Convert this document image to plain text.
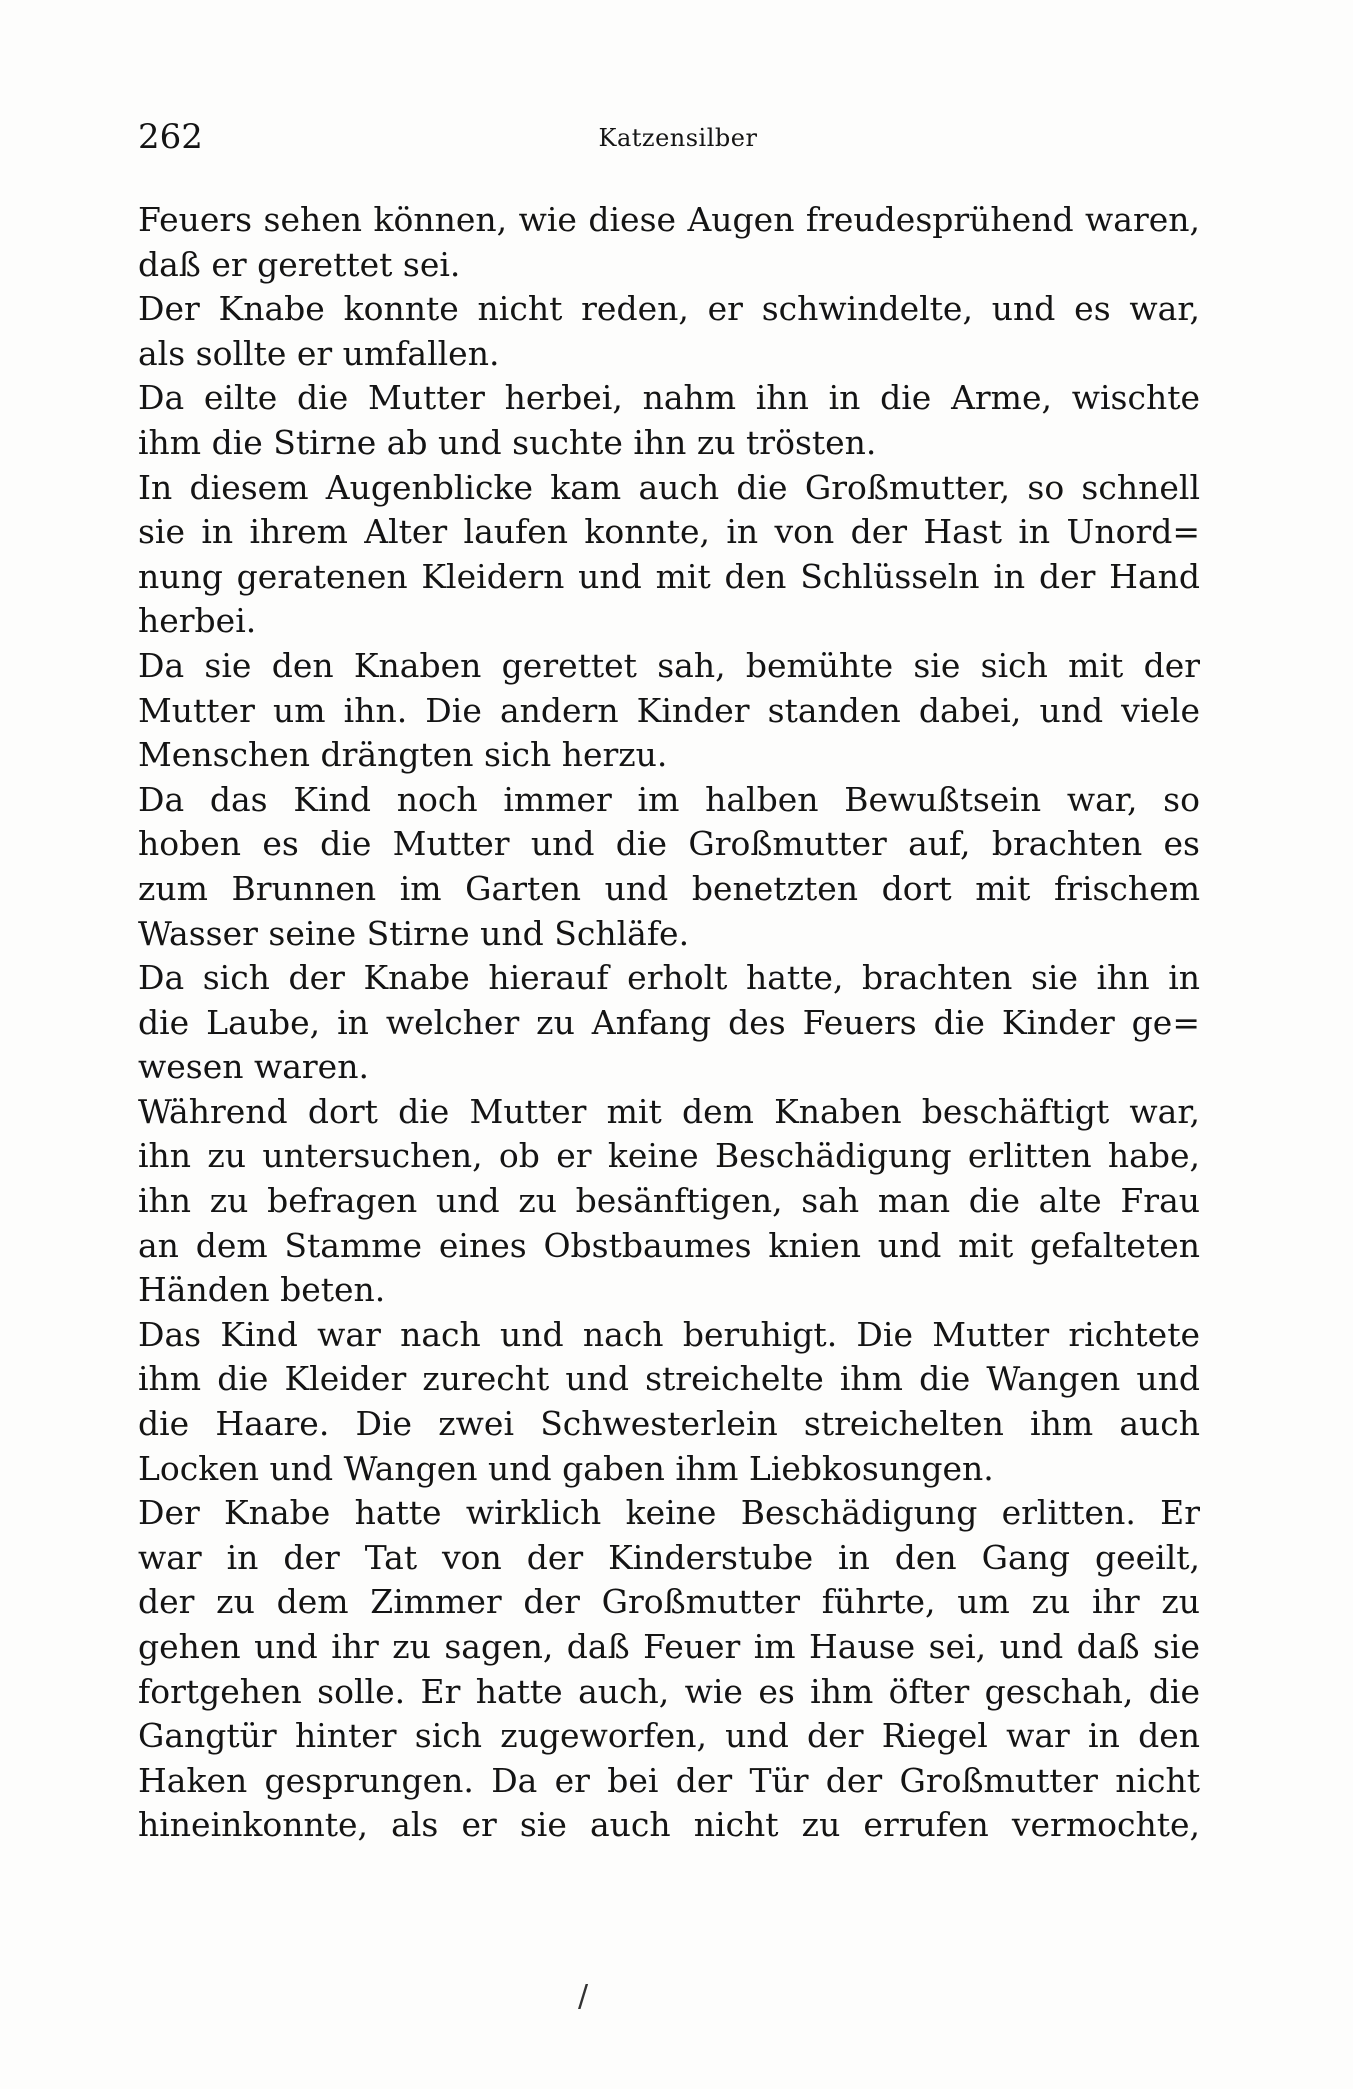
262	Katzensilber
Feuers sehen können, wie diese Augen freudesprühend waren,
daß er gerettet sei.
Der Knabe konnte nicht reden, er schwindelte, und es war,
als sollte er umfallen.
Da eilte die Mutter herbei, nahm ihn in die Arme, wischte
ihm die Stirne ab und suchte ihn zu trösten.
In diesem Augenblicke kam auch die Großmutter, so schnell
sie in ihrem Alter laufen konnte, in von der Hast in Unord=
nung geratenen Kleidern und mit den Schlüsseln in der Hand
herbei.
Da sie den Knaben gerettet sah, bemühte sie sich mit der
Mutter um ihn. Die andern Kinder standen dabei, und viele
Menschen drängten sich herzu.
Da das Kind noch immer im halben Bewußtsein war, so
hoben es die Mutter und die Großmutter auf, brachten es
zum Brunnen im Garten und benetzten dort mit frischem
Wasser seine Stirne und Schläfe.
Da sich der Knabe hierauf erholt hatte, brachten sie ihn in
die Laube, in welcher zu Anfang des Feuers die Kinder ge=
wesen waren.
Während dort die Mutter mit dem Knaben beschäftigt war,
ihn zu untersuchen, ob er keine Beschädigung erlitten habe,
ihn zu befragen und zu besänftigen, sah man die alte Frau
an dem Stamme eines Obstbaumes knien und mit gefalteten
Händen beten.
Das Kind war nach und nach beruhigt. Die Mutter richtete
ihm die Kleider zurecht und streichelte ihm die Wangen und
die Haare. Die zwei Schwesterlein streichelten ihm auch
Locken und Wangen und gaben ihm Liebkosungen.
Der Knabe hatte wirklich keine Beschädigung erlitten. Er
war in der Tat von der Kinderstube in den Gang geeilt,
der zu dem Zimmer der Großmutter führte, um zu ihr zu
gehen und ihr zu sagen, daß Feuer im Hause sei, und daß sie
fortgehen solle. Er hatte auch, wie es ihm öfter geschah, die
Gangtür hinter sich zugeworfen, und der Riegel war in den
Haken gesprungen. Da er bei der Tür der Großmutter nicht
hineinkonnte, als er sie auch nicht zu errufen vermochte,
/
